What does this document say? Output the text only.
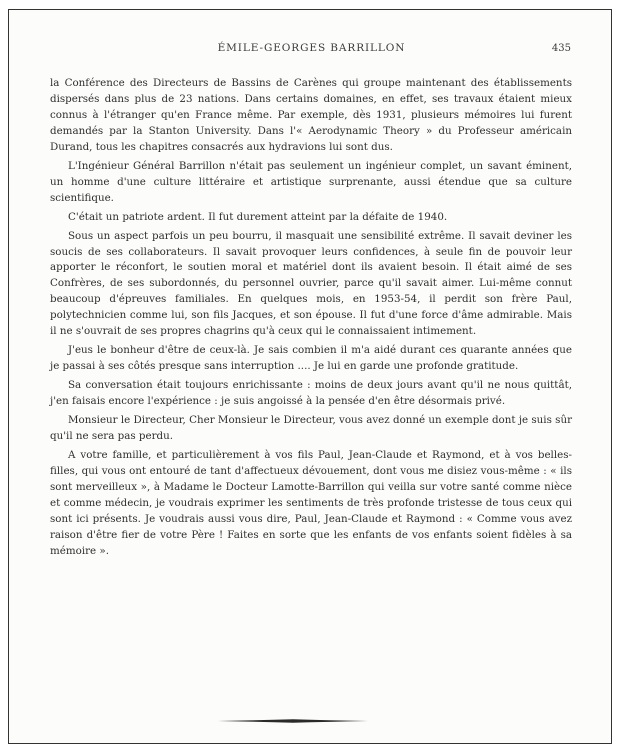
ÉMILE-GEORGES BARRILLON	435

la Conférence des Directeurs de Bassins de Carènes qui groupe maintenant des établissements dispersés dans plus de 23 nations. Dans certains domaines, en effet, ses travaux étaient mieux connus à l'étranger qu'en France même. Par exemple, dès 1931, plusieurs mémoires lui furent demandés par la Stanton University. Dans l'« Aerodynamic Theory » du Professeur américain Durand, tous les chapitres consacrés aux hydravions lui sont dus.

L'Ingénieur Général Barrillon n'était pas seulement un ingénieur complet, un savant éminent, un homme d'une culture littéraire et artistique surprenante, aussi étendue que sa culture scientifique.

C'était un patriote ardent. Il fut durement atteint par la défaite de 1940.

Sous un aspect parfois un peu bourru, il masquait une sensibilité extrême. Il savait deviner les soucis de ses collaborateurs. Il savait provoquer leurs confidences, à seule fin de pouvoir leur apporter le réconfort, le soutien moral et matériel dont ils avaient besoin. Il était aimé de ses Confrères, de ses subordonnés, du personnel ouvrier, parce qu'il savait aimer. Lui-même connut beaucoup d'épreuves familiales. En quelques mois, en 1953-54, il perdit son frère Paul, polytechnicien comme lui, son fils Jacques, et son épouse. Il fut d'une force d'âme admirable. Mais il ne s'ouvrait de ses propres chagrins qu'à ceux qui le connaissaient intimement.

J'eus le bonheur d'être de ceux-là. Je sais combien il m'a aidé durant ces quarante années que je passai à ses côtés presque sans interruption .... Je lui en garde une profonde gratitude.

Sa conversation était toujours enrichissante : moins de deux jours avant qu'il ne nous quittât, j'en faisais encore l'expérience : je suis angoissé à la pensée d'en être désormais privé.

Monsieur le Directeur, Cher Monsieur le Directeur, vous avez donné un exemple dont je suis sûr qu'il ne sera pas perdu.

A votre famille, et particulièrement à vos fils Paul, Jean-Claude et Raymond, et à vos belles-filles, qui vous ont entouré de tant d'affectueux dévouement, dont vous me disiez vous-même : « ils sont merveilleux », à Madame le Docteur Lamotte-Barrillon qui veilla sur votre santé comme nièce et comme médecin, je voudrais exprimer les sentiments de très profonde tristesse de tous ceux qui sont ici présents. Je voudrais aussi vous dire, Paul, Jean-Claude et Raymond : « Comme vous avez raison d'être fier de votre Père ! Faites en sorte que les enfants de vos enfants soient fidèles à sa mémoire ».
